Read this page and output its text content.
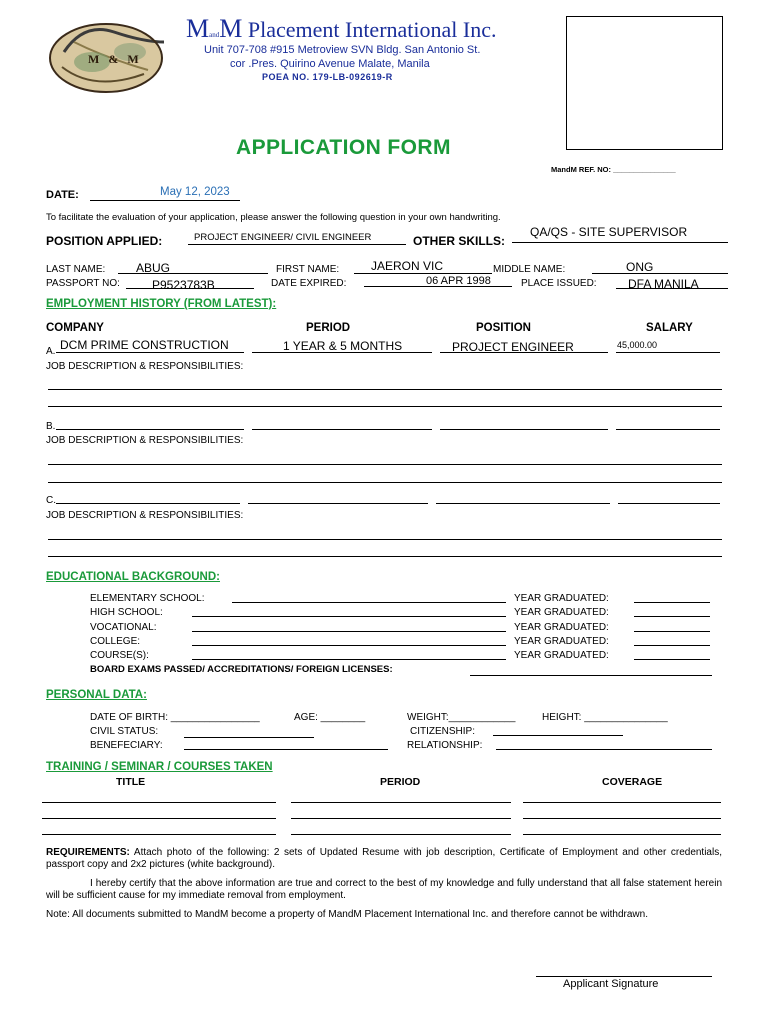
M & M
MandM Placement International Inc.
Unit 707-708 #915 Metroview SVN Bldg. San Antonio St.
cor .Pres. Quirino Avenue Malate, Manila
POEA NO. 179-LB-092619-R
APPLICATION FORM
MandM REF. NO: _______________
DATE:	May 12, 2023
To facilitate the evaluation of your application, please answer the following question in your own handwriting.
POSITION APPLIED:	PROJECT ENGINEER/ CIVIL ENGINEER	OTHER SKILLS:
QA/QS - SITE SUPERVISOR
LAST NAME:	ABUG	FIRST NAME:	JAERON VIC	MIDDLE NAME:	ONG
PASSPORT NO:	P9523783B	DATE EXPIRED:	06 APR 1998	PLACE ISSUED:	DFA MANILA
EMPLOYMENT HISTORY (FROM LATEST):
COMPANY	PERIOD	POSITION	SALARY
A. DCM PRIME CONSTRUCTION	1 YEAR & 5 MONTHS	PROJECT ENGINEER	45,000.00
JOB DESCRIPTION & RESPONSIBILITIES:
B.
JOB DESCRIPTION & RESPONSIBILITIES:
C.
JOB DESCRIPTION & RESPONSIBILITIES:
EDUCATIONAL BACKGROUND:
ELEMENTARY SCHOOL:	YEAR GRADUATED:
HIGH SCHOOL:	YEAR GRADUATED:
VOCATIONAL:	YEAR GRADUATED:
COLLEGE:	YEAR GRADUATED:
COURSE(S):	YEAR GRADUATED:
BOARD EXAMS PASSED/ ACCREDITATIONS/ FOREIGN LICENSES:
PERSONAL DATA:
DATE OF BIRTH: ________________	AGE: ________	WEIGHT:____________	HEIGHT: _______________
CIVIL STATUS:	CITIZENSHIP:
BENEFECIARY:	RELATIONSHIP:
TRAINING / SEMINAR / COURSES TAKEN
TITLE	PERIOD	COVERAGE
REQUIREMENTS: Attach photo of the following: 2 sets of Updated Resume with job description, Certificate of Employment and other credentials, passport copy and 2x2 pictures (white background).
I hereby certify that the above information are true and correct to the best of my knowledge and fully understand that all false statement herein will be sufficient cause for my immediate removal from employment.
Note: All documents submitted to MandM become a property of MandM Placement International Inc. and therefore cannot be withdrawn.
Applicant Signature
